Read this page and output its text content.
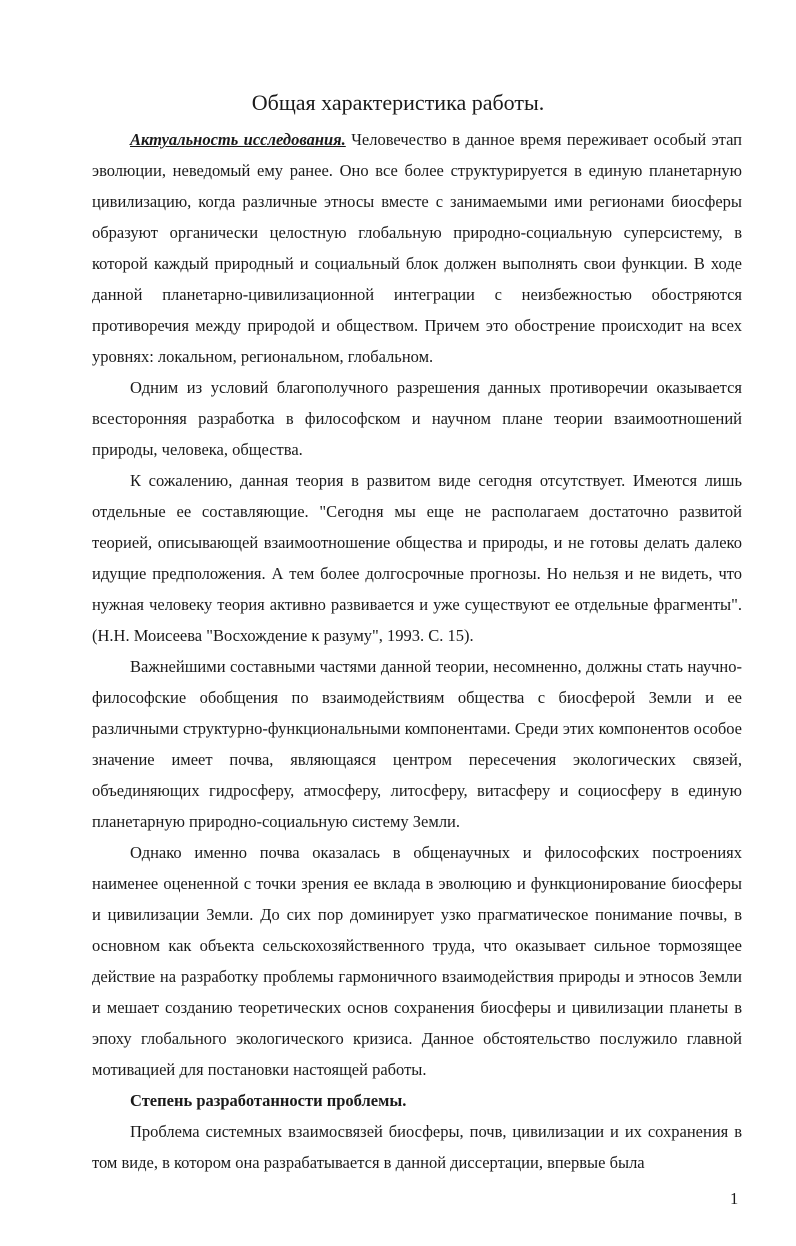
Общая характеристика работы.

Актуальность исследования. Человечество в данное время переживает особый этап эволюции, неведомый ему ранее. Оно все более структурируется в единую планетарную цивилизацию, когда различные этносы вместе с занимаемыми ими регионами биосферы образуют органически целостную глобальную природно-социальную суперсистему, в которой каждый природный и социальный блок должен выполнять свои функции. В ходе данной планетарно-цивилизационной интеграции с неизбежностью обостряются противоречия между природой и обществом. Причем это обострение происходит на всех уровнях: локальном, региональном, глобальном.

Одним из условий благополучного разрешения данных противоречии оказывается всесторонняя разработка в философском и научном плане теории взаимоотношений природы, человека, общества.

К сожалению, данная теория в развитом виде сегодня отсутствует. Имеются лишь отдельные ее составляющие. "Сегодня мы еще не располагаем достаточно развитой теорией, описывающей взаимоотношение общества и природы, и не готовы делать далеко идущие предположения. А тем более долгосрочные прогнозы. Но нельзя и не видеть, что нужная человеку теория активно развивается и уже существуют ее отдельные фрагменты". (Н.Н. Моисеева "Восхождение к разуму", 1993. С. 15).

Важнейшими составными частями данной теории, несомненно, должны стать научно- философские обобщения по взаимодействиям общества с биосферой Земли и ее различными структурно-функциональными компонентами. Среди этих компонентов особое значение имеет почва, являющаяся центром пересечения экологических связей, объединяющих гидросферу, атмосферу, литосферу, витасферу и социосферу в единую планетарную природно-социальную систему Земли.

Однако именно почва оказалась в общенаучных и философских построениях наименее оцененной с точки зрения ее вклада в эволюцию и функционирование биосферы и цивилизации Земли. До сих пор доминирует узко прагматическое понимание почвы, в основном как объекта сельскохозяйственного труда, что оказывает сильное тормозящее действие на разработку проблемы гармоничного взаимодействия природы и этносов Земли и мешает созданию теоретических основ сохранения биосферы и цивилизации планеты в эпоху глобального экологического кризиса. Данное обстоятельство послужило главной мотивацией для постановки настоящей работы.

Степень разработанности проблемы.

Проблема системных взаимосвязей биосферы, почв, цивилизации и их сохранения в том виде, в котором она разрабатывается в данной диссертации, впервые была

1
